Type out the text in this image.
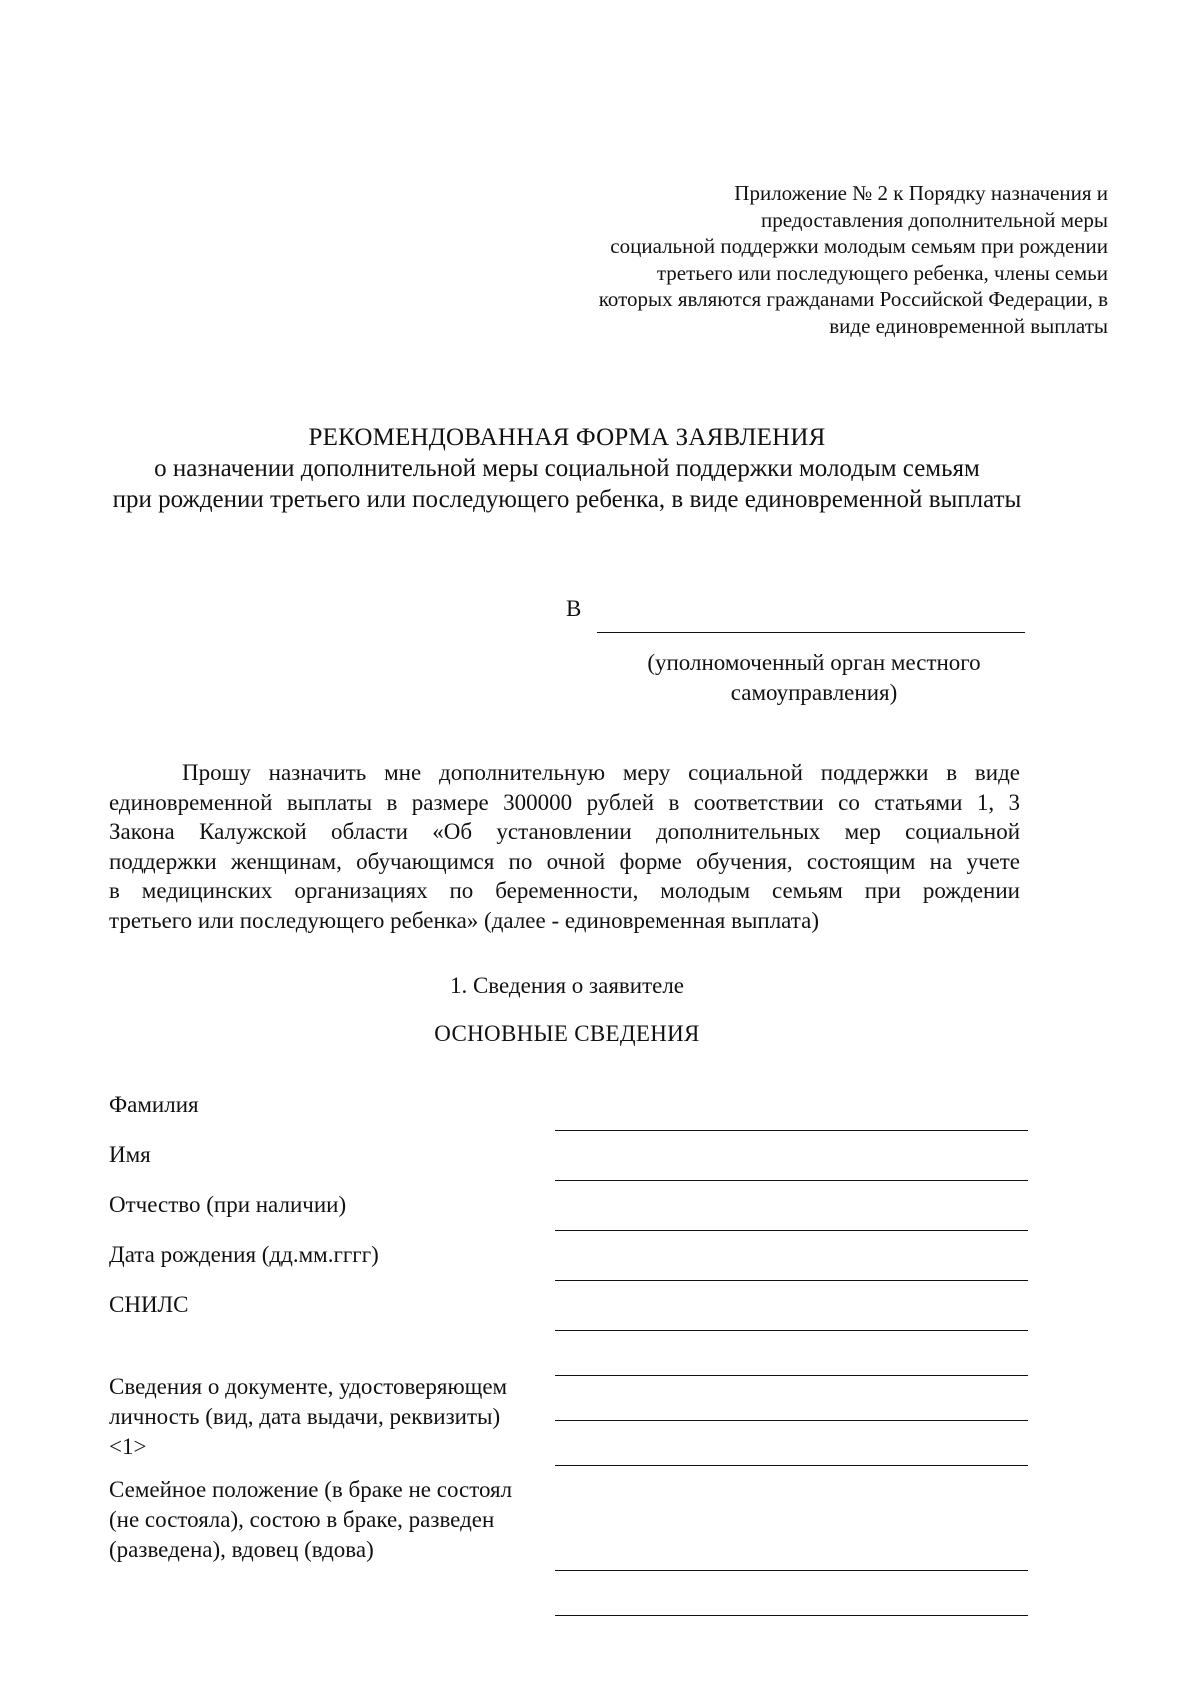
Приложение № 2 к Порядку назначения и
предоставления дополнительной меры
социальной поддержки молодым семьям при рождении
третьего или последующего ребенка, члены семьи
которых являются гражданами Российской Федерации, в
виде единовременной выплаты
РЕКОМЕНДОВАННАЯ ФОРМА ЗАЯВЛЕНИЯ
о назначении дополнительной меры социальной поддержки молодым семьям
при рождении третьего или последующего ребенка, в виде единовременной выплаты
В
(уполномоченный орган местного
самоуправления)
Прошу назначить мне дополнительную меру социальной поддержки в виде
единовременной выплаты в размере 300000 рублей в соответствии со статьями 1, 3
Закона Калужской области «Об установлении дополнительных мер социальной
поддержки женщинам, обучающимся по очной форме обучения, состоящим на учете
в медицинских организациях по беременности, молодым семьям при рождении
третьего или последующего ребенка» (далее - единовременная выплата)
1. Сведения о заявителе
ОСНОВНЫЕ СВЕДЕНИЯ
Фамилия
Имя
Отчество (при наличии)
Дата рождения (дд.мм.гггг)
СНИЛС
Сведения о документе, удостоверяющем
личность (вид, дата выдачи, реквизиты)
<1>
Семейное положение (в браке не состоял
(не состояла), состою в браке, разведен
(разведена), вдовец (вдова)
